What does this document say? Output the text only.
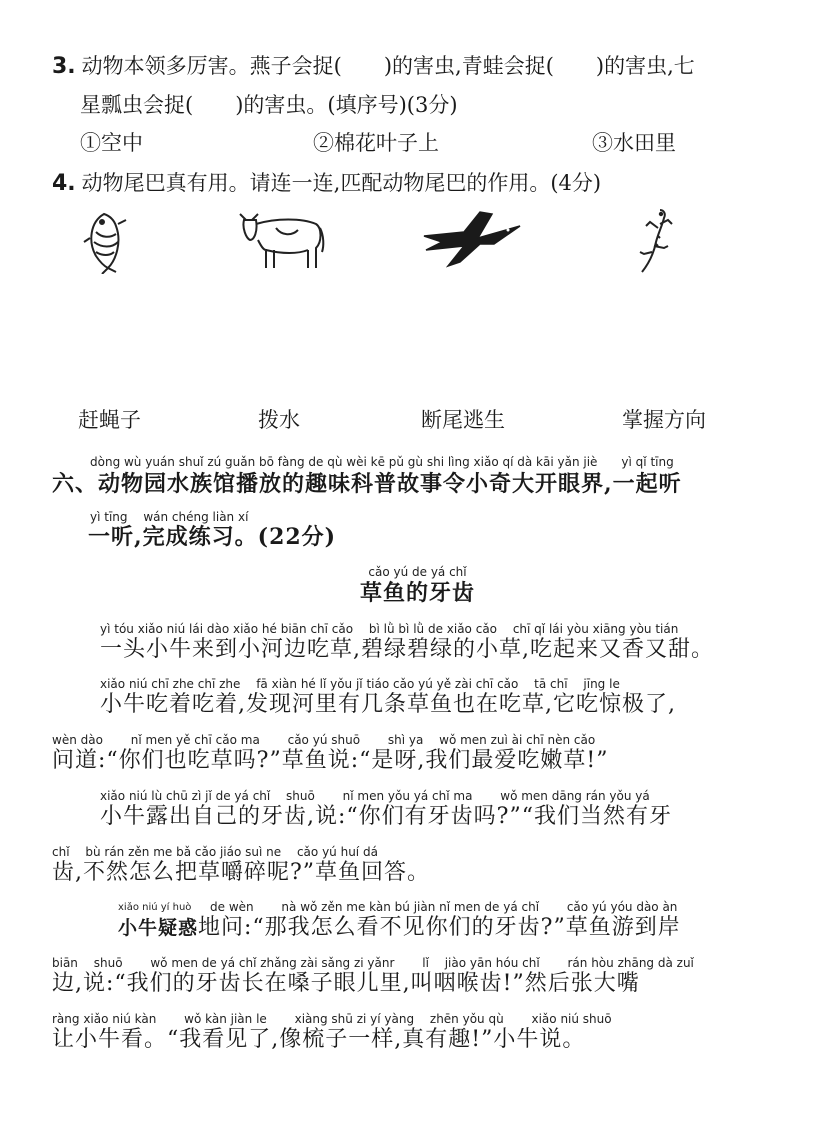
3. 动物本领多厉害。燕子会捉(　　)的害虫,青蛙会捉(　　)的害虫,七
星瓢虫会捉(　　)的害虫。(填序号)(3分)
①空中	②棉花叶子上	③水田里
4. 动物尾巴真有用。请连一连,匹配动物尾巴的作用。(4分)
赶蝇子	拨水	断尾逃生	掌握方向
dòng wù yuán shuǐ zú guǎn bō fàng de qù wèi kē pǔ gù shi lìng xiǎo qí dà kāi yǎn jiè　　yì qǐ tīng
六、动物园水族馆播放的趣味科普故事令小奇大开眼界,一起听
yì tīng　 wán chéng liàn xí
一听,完成练习。(22分)
cǎo yú de yá chǐ
草鱼的牙齿
yì tóu xiǎo niú lái dào xiǎo hé biān chī cǎo　 bì lǜ bì lǜ de xiǎo cǎo　 chī qǐ lái yòu xiāng yòu tián
一头小牛来到小河边吃草,碧绿碧绿的小草,吃起来又香又甜。
xiǎo niú chī zhe chī zhe　 fā xiàn hé lǐ yǒu jǐ tiáo cǎo yú yě zài chī cǎo　 tā chī　 jīng le
小牛吃着吃着,发现河里有几条草鱼也在吃草,它吃惊极了,
wèn dào　　 nǐ men yě chī cǎo ma　　 cǎo yú shuō　　 shì ya　 wǒ men zuì ài chī nèn cǎo
问道:“你们也吃草吗?”草鱼说:“是呀,我们最爱吃嫩草!”
xiǎo niú lù chū zì jǐ de yá chǐ　 shuō　　 nǐ men yǒu yá chǐ ma　　 wǒ men dāng rán yǒu yá
小牛露出自己的牙齿,说:“你们有牙齿吗?”“我们当然有牙
chǐ　 bù rán zěn me bǎ cǎo jiáo suì ne　 cǎo yú huí dá
齿,不然怎么把草嚼碎呢?”草鱼回答。
xiǎo niú yí huò de wèn　　 nà wǒ zěn me kàn bú jiàn nǐ men de yá chǐ　　 cǎo yú yóu dào àn
小牛疑惑地问:“那我怎么看不见你们的牙齿?”草鱼游到岸
biān　 shuō　　 wǒ men de yá chǐ zhǎng zài sǎng zi yǎnr　　 lǐ　 jiào yān hóu chǐ　　 rán hòu zhāng dà zuǐ
边,说:“我们的牙齿长在嗓子眼儿里,叫咽喉齿!”然后张大嘴
ràng xiǎo niú kàn　　 wǒ kàn jiàn le　　 xiàng shū zi yí yàng　 zhēn yǒu qù　　 xiǎo niú shuō
让小牛看。“我看见了,像梳子一样,真有趣!”小牛说。
